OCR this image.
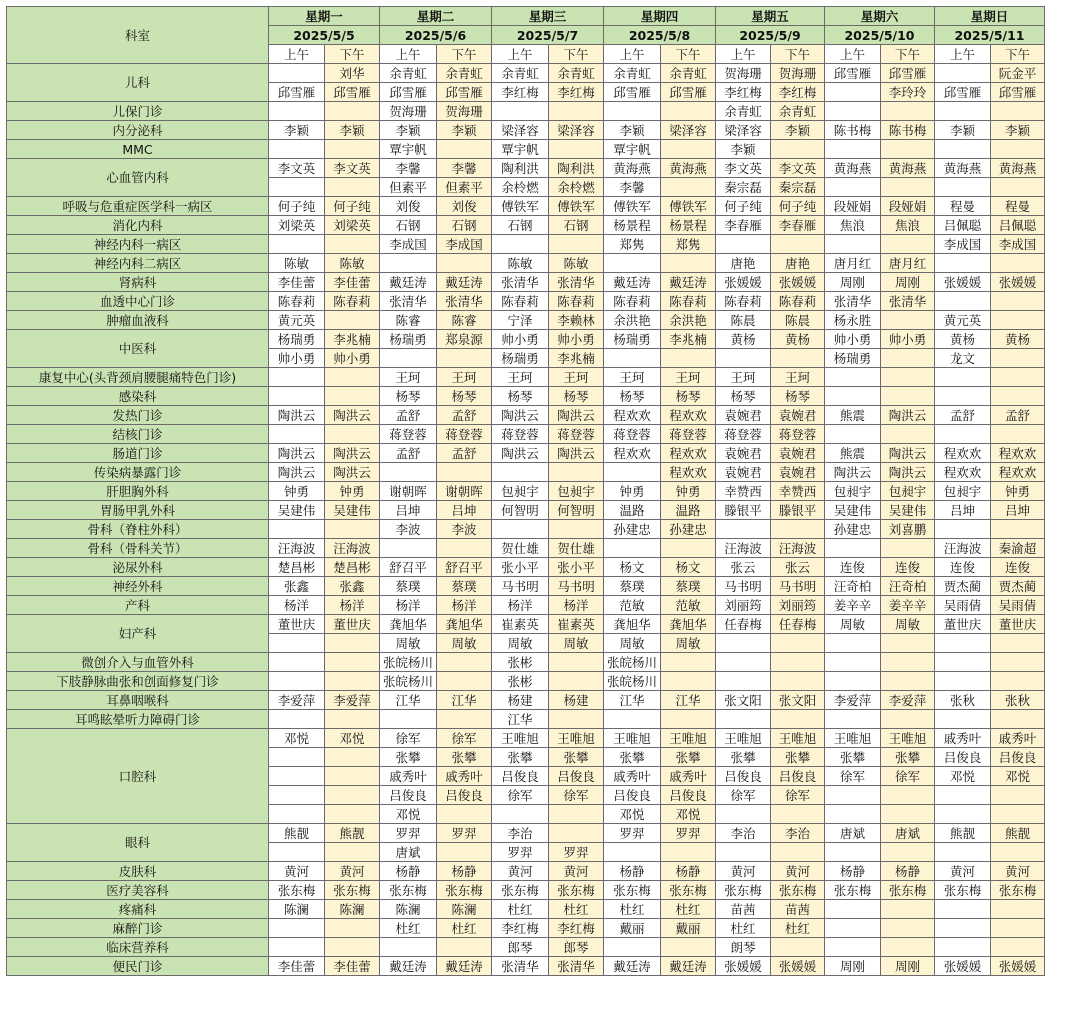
科室	星期一		星期二		星期三		星期四		星期五		星期六		星期日	
	2025/5/5		2025/5/6		2025/5/7		2025/5/8		2025/5/9		2025/5/10		2025/5/11	
	上午	下午	上午	下午	上午	下午	上午	下午	上午	下午	上午	下午	上午	下午
儿科		刘华	余青虹	余青虹	余青虹	余青虹	余青虹	余青虹	贺海珊	贺海珊	邱雪雁	邱雪雁		阮金平
	邱雪雁	邱雪雁	邱雪雁	邱雪雁	李红梅	李红梅	邱雪雁	邱雪雁	李红梅	李红梅		李玲玲	邱雪雁	邱雪雁
儿保门诊			贺海珊	贺海珊					余青虹	余青虹				
内分泌科	李颖	李颖	李颖	李颖	梁泽容	梁泽容	李颖	梁泽容	梁泽容	李颖	陈书梅	陈书梅	李颖	李颖
MMC			覃宇帆		覃宇帆		覃宇帆		李颖					
心血管内科	李文英	李文英	李馨	李馨	陶利洪	陶利洪	黄海燕	黄海燕	李文英	李文英	黄海燕	黄海燕	黄海燕	黄海燕
			但素平	但素平	余柃燃	余柃燃	李馨		秦宗磊	秦宗磊				
呼吸与危重症医学科一病区	何子纯	何子纯	刘俊	刘俊	傅铁军	傅铁军	傅铁军	傅铁军	何子纯	何子纯	段娅娟	段娅娟	程曼	程曼
消化内科	刘梁英	刘梁英	石钢	石钢	石钢	石钢	杨景程	杨景程	李春雁	李春雁	焦浪	焦浪	吕佩聪	吕佩聪
神经内科一病区			李成国	李成国			郑隽	郑隽					李成国	李成国
神经内科二病区	陈敏	陈敏			陈敏	陈敏			唐艳	唐艳	唐月红	唐月红		
肾病科	李佳蕾	李佳蕾	戴廷涛	戴廷涛	张清华	张清华	戴廷涛	戴廷涛	张媛媛	张媛媛	周刚	周刚	张媛媛	张媛媛
血透中心门诊	陈春莉	陈春莉	张清华	张清华	陈春莉	陈春莉	陈春莉	陈春莉	陈春莉	陈春莉	张清华	张清华		
肿瘤血液科	黄元英		陈睿	陈睿	宁泽	李赖林	余洪艳	余洪艳	陈晨	陈晨	杨永胜		黄元英	
中医科	杨瑞勇	李兆楠	杨瑞勇	郑泉源	帅小勇	帅小勇	杨瑞勇	李兆楠	黄杨	黄杨	帅小勇	帅小勇	黄杨	黄杨
	帅小勇	帅小勇			杨瑞勇	李兆楠					杨瑞勇		龙文	
康复中心(头背颈肩腰腿痛特色门诊)			王珂	王珂	王珂	王珂	王珂	王珂	王珂	王珂				
感染科			杨琴	杨琴	杨琴	杨琴	杨琴	杨琴	杨琴	杨琴				
发热门诊	陶洪云	陶洪云	孟舒	孟舒	陶洪云	陶洪云	程欢欢	程欢欢	袁婉君	袁婉君	熊震	陶洪云	孟舒	孟舒
结核门诊			蒋登蓉	蒋登蓉	蒋登蓉	蒋登蓉	蒋登蓉	蒋登蓉	蒋登蓉	蒋登蓉				
肠道门诊	陶洪云	陶洪云	孟舒	孟舒	陶洪云	陶洪云	程欢欢	程欢欢	袁婉君	袁婉君	熊震	陶洪云	程欢欢	程欢欢
传染病暴露门诊	陶洪云	陶洪云						程欢欢	袁婉君	袁婉君	陶洪云	陶洪云	程欢欢	程欢欢
肝胆胸外科	钟勇	钟勇	谢朝晖	谢朝晖	包昶宇	包昶宇	钟勇	钟勇	幸赞西	幸赞西	包昶宇	包昶宇	包昶宇	钟勇
胃肠甲乳外科	吴建伟	吴建伟	吕坤	吕坤	何智明	何智明	温路	温路	滕银平	滕银平	吴建伟	吴建伟	吕坤	吕坤
骨科（脊柱外科）			李波	李波			孙建忠	孙建忠			孙建忠	刘喜鹏		
骨科（骨科关节）	汪海波	汪海波			贺仕雄	贺仕雄			汪海波	汪海波			汪海波	秦渝超
泌尿外科	楚昌彬	楚昌彬	舒召平	舒召平	张小平	张小平	杨文	杨文	张云	张云	连俊	连俊	连俊	连俊
神经外科	张鑫	张鑫	蔡璞	蔡璞	马书明	马书明	蔡璞	蔡璞	马书明	马书明	汪奇柏	汪奇柏	贾杰蔺	贾杰蔺
产科	杨洋	杨洋	杨洋	杨洋	杨洋	杨洋	范敏	范敏	刘丽筠	刘丽筠	姜辛辛	姜辛辛	吴雨倩	吴雨倩
妇产科	董世庆	董世庆	龚旭华	龚旭华	崔素英	崔素英	龚旭华	龚旭华	任春梅	任春梅	周敏	周敏	董世庆	董世庆
			周敏	周敏	周敏	周敏	周敏	周敏						
微创介入与血管外科			张皖杨川		张彬		张皖杨川							
下肢静脉曲张和创面修复门诊			张皖杨川		张彬		张皖杨川							
耳鼻咽喉科	李爱萍	李爱萍	江华	江华	杨建	杨建	江华	江华	张文阳	张文阳	李爱萍	李爱萍	张秋	张秋
耳鸣眩晕听力障碍门诊					江华									
口腔科	邓悦	邓悦	徐军	徐军	王唯旭	王唯旭	王唯旭	王唯旭	王唯旭	王唯旭	王唯旭	王唯旭	戚秀叶	戚秀叶
			张攀	张攀	张攀	张攀	张攀	张攀	张攀	张攀	张攀	张攀	吕俊良	吕俊良
			戚秀叶	戚秀叶	吕俊良	吕俊良	戚秀叶	戚秀叶	吕俊良	吕俊良	徐军	徐军	邓悦	邓悦
			吕俊良	吕俊良	徐军	徐军	吕俊良	吕俊良	徐军	徐军				
			邓悦				邓悦	邓悦						
眼科	熊靓	熊靓	罗羿	罗羿	李治		罗羿	罗羿	李治	李治	唐斌	唐斌	熊靓	熊靓
			唐斌		罗羿	罗羿								
皮肤科	黄河	黄河	杨静	杨静	黄河	黄河	杨静	杨静	黄河	黄河	杨静	杨静	黄河	黄河
医疗美容科	张东梅	张东梅	张东梅	张东梅	张东梅	张东梅	张东梅	张东梅	张东梅	张东梅	张东梅	张东梅	张东梅	张东梅
疼痛科	陈澜	陈澜	陈澜	陈澜	杜红	杜红	杜红	杜红	苗茜	苗茜				
麻醉门诊			杜红	杜红	李红梅	李红梅	戴丽	戴丽	杜红	杜红				
临床营养科					郎琴	郎琴			朗琴					
便民门诊	李佳蕾	李佳蕾	戴廷涛	戴廷涛	张清华	张清华	戴廷涛	戴廷涛	张媛媛	张媛媛	周刚	周刚	张媛媛	张媛媛
